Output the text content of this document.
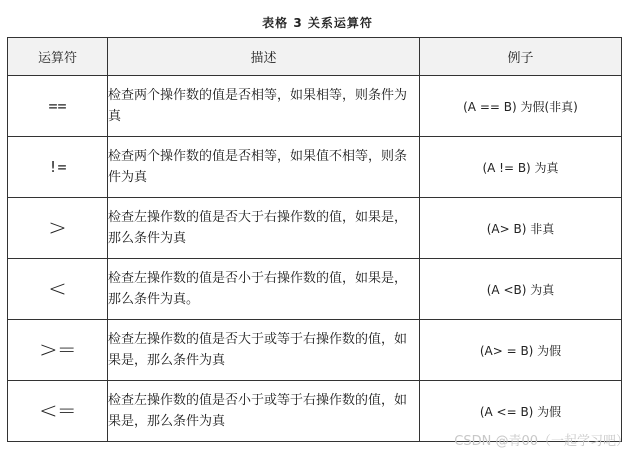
表格 3 关系运算符
运算符	描述	例子
==	检查两个操作数的值是否相等，如果相等，则条件为真	(A == B) 为假(非真)
!=	检查两个操作数的值是否相等，如果值不相等，则条件为真	(A != B) 为真
>	检查左操作数的值是否大于右操作数的值，如果是，那么条件为真	(A> B) 非真
<	检查左操作数的值是否小于右操作数的值，如果是，那么条件为真。	(A <B) 为真
>=	检查左操作数的值是否大于或等于右操作数的值，如果是，那么条件为真	(A> = B) 为假
<=	检查左操作数的值是否小于或等于右操作数的值，如果是，那么条件为真	(A <= B) 为假
CSDN @青00（一起学习吧）
